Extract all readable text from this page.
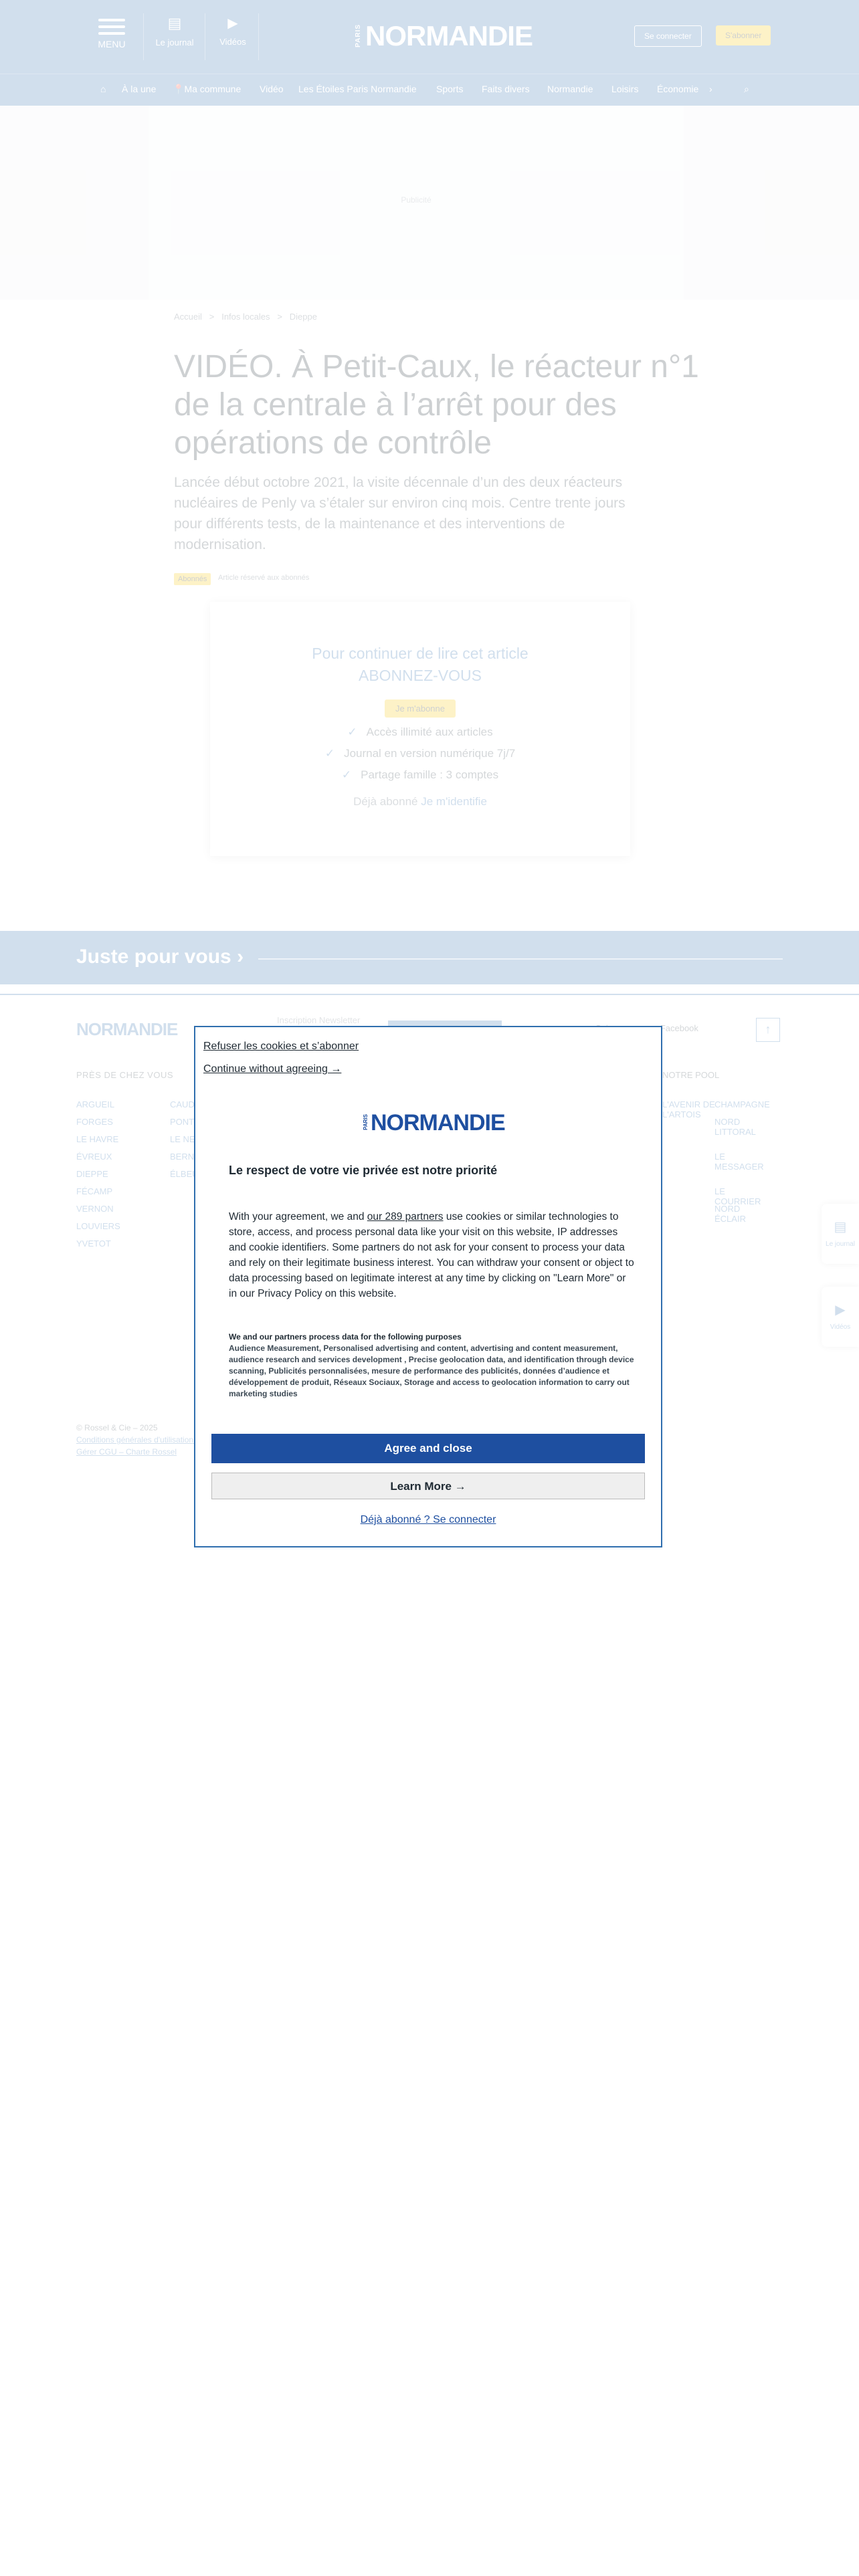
Refuser les cookies et s’abonner
Continue without agreeing →
PARIS NORMANDIE
Le respect de votre vie privée est notre priorité
With your agreement, we and our 289 partners use cookies or similar technologies to store, access, and process personal data like your visit on this website, IP addresses and cookie identifiers. Some partners do not ask for your consent to process your data and rely on their legitimate business interest. You can withdraw your consent or object to data processing based on legitimate interest at any time by clicking on "Learn More" or in our Privacy Policy on this website.
We and our partners process data for the following purposes
Audience Measurement, Personalised advertising and content, advertising and content measurement, audience research and services development , Precise geolocation data, and identification through device scanning, Publicités personnalisées, mesure de performance des publicités, données d’audience et développement de produit, Réseaux Sociaux, Storage and access to geolocation information to carry out marketing studies
Agree and close
Learn More →
Déjà abonné ? Se connecter
